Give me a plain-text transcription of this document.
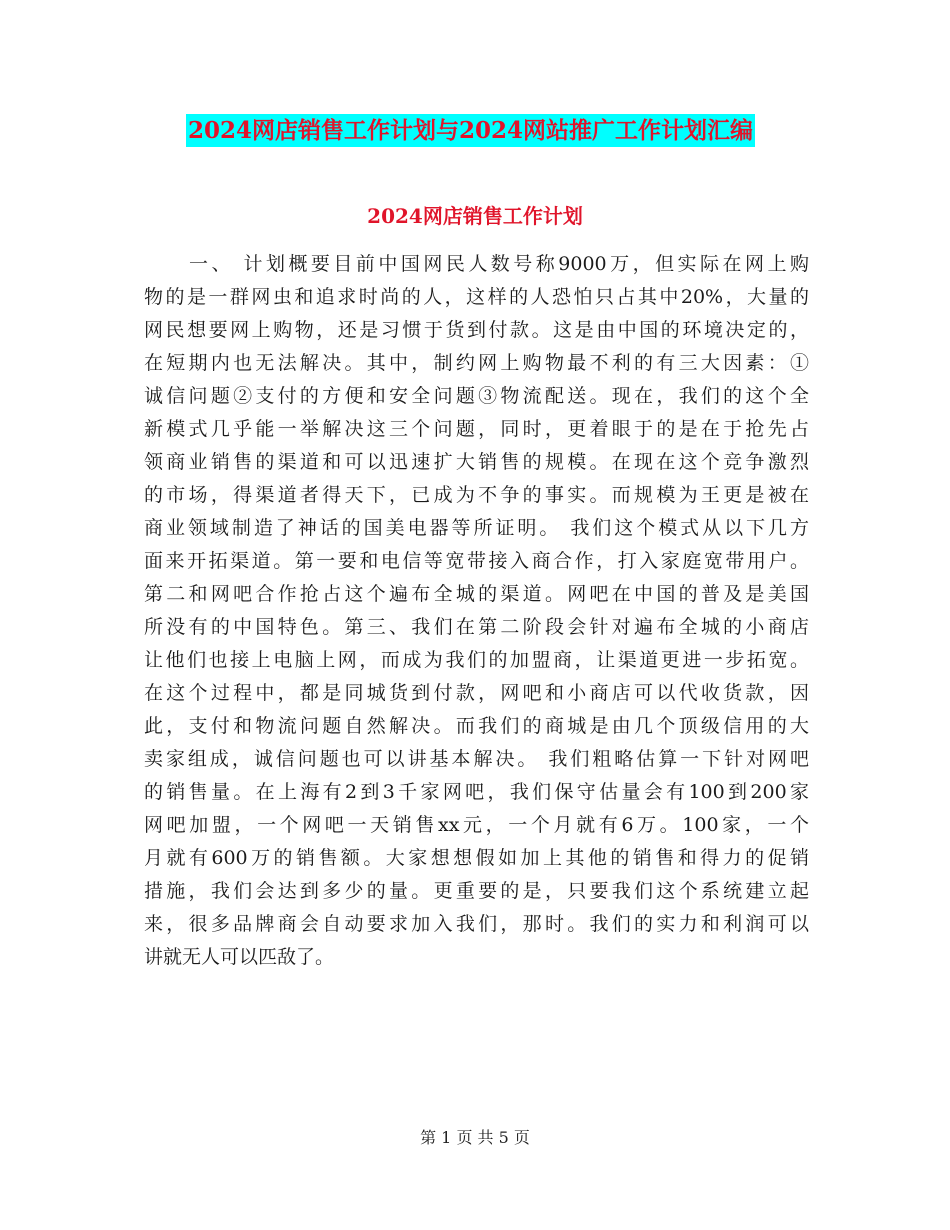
2024网店销售工作计划与2024网站推广工作计划汇编
2024网店销售工作计划
　　一、 计划概要目前中国网民人数号称9000万，但实际在网上购
物的是一群网虫和追求时尚的人，这样的人恐怕只占其中20%，大量的
网民想要网上购物，还是习惯于货到付款。这是由中国的环境决定的，
在短期内也无法解决。其中，制约网上购物最不利的有三大因素：①
诚信问题②支付的方便和安全问题③物流配送。现在，我们的这个全
新模式几乎能一举解决这三个问题，同时，更着眼于的是在于抢先占
领商业销售的渠道和可以迅速扩大销售的规模。在现在这个竞争激烈
的市场，得渠道者得天下，已成为不争的事实。而规模为王更是被在
商业领域制造了神话的国美电器等所证明。 我们这个模式从以下几方
面来开拓渠道。第一要和电信等宽带接入商合作，打入家庭宽带用户。
第二和网吧合作抢占这个遍布全城的渠道。网吧在中国的普及是美国
所没有的中国特色。第三、我们在第二阶段会针对遍布全城的小商店
让他们也接上电脑上网，而成为我们的加盟商，让渠道更进一步拓宽。
在这个过程中，都是同城货到付款，网吧和小商店可以代收货款，因
此，支付和物流问题自然解决。而我们的商城是由几个顶级信用的大
卖家组成，诚信问题也可以讲基本解决。 我们粗略估算一下针对网吧
的销售量。在上海有2到3千家网吧，我们保守估量会有100到200家
网吧加盟，一个网吧一天销售xx元，一个月就有6万。100家，一个
月就有600万的销售额。大家想想假如加上其他的销售和得力的促销
措施，我们会达到多少的量。更重要的是，只要我们这个系统建立起
来，很多品牌商会自动要求加入我们，那时。我们的实力和利润可以
讲就无人可以匹敌了。
第 1 页 共 5 页
